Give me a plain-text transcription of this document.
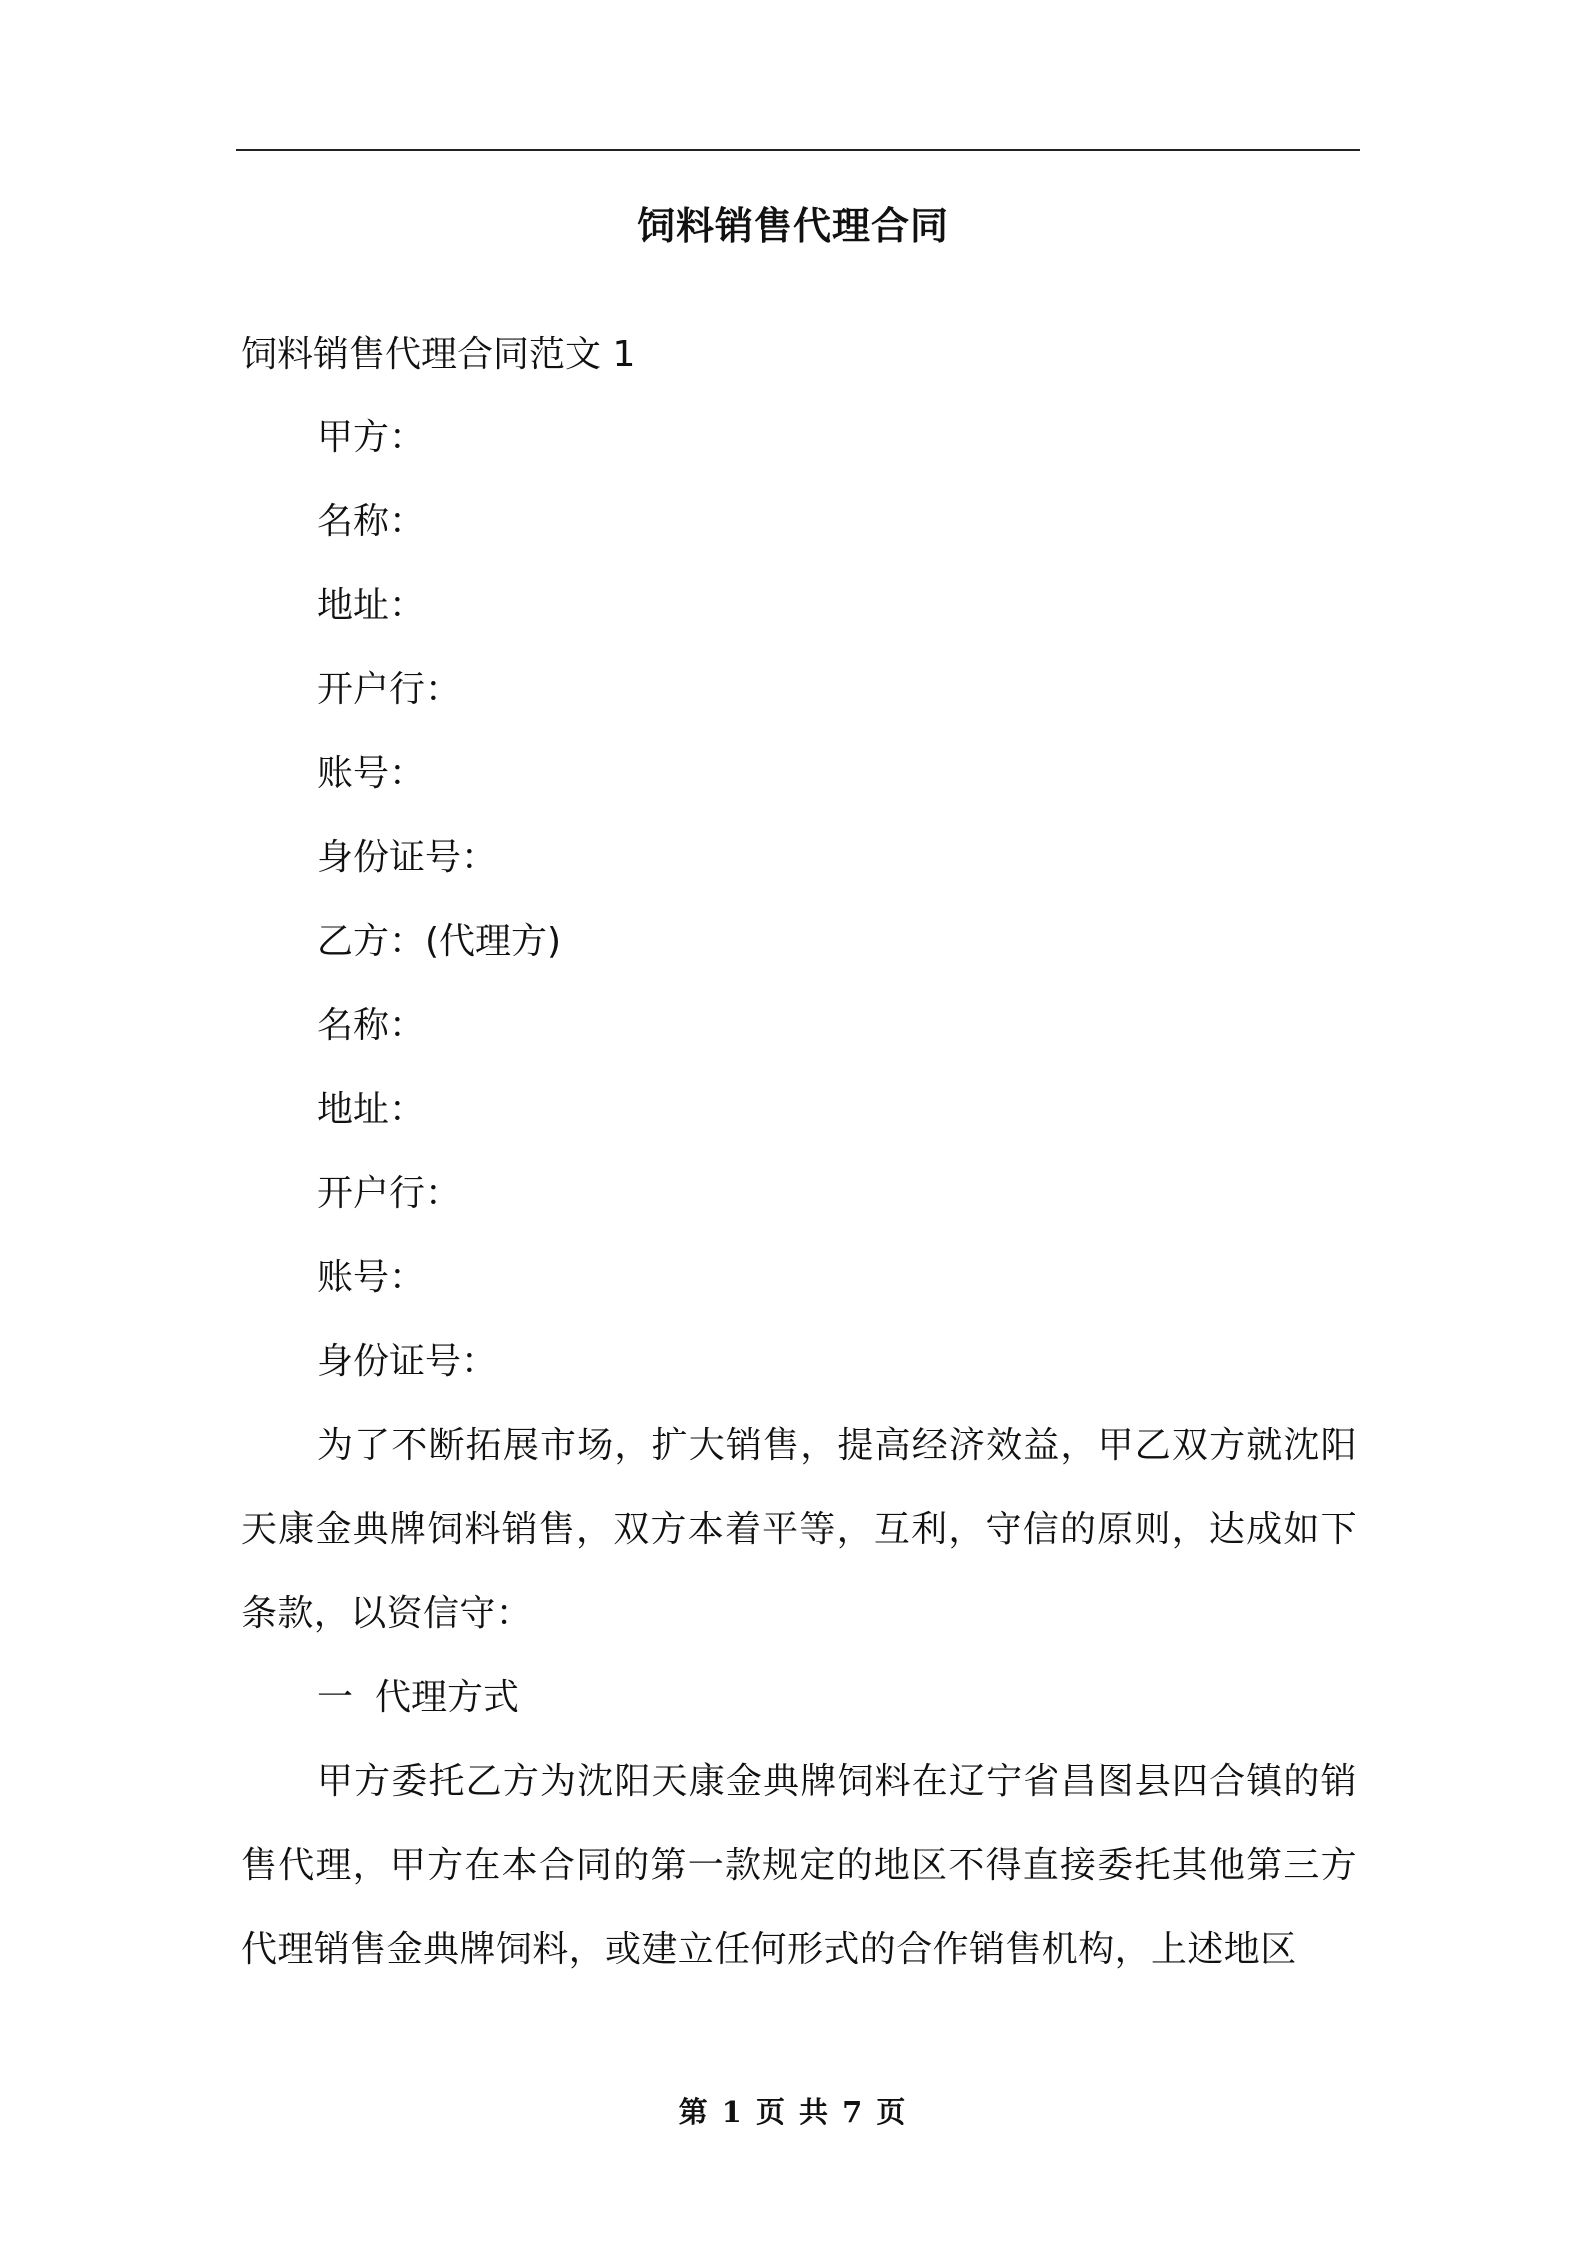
饲料销售代理合同

饲料销售代理合同范文 1

甲方：
名称：
地址：
开户行：
账号：
身份证号：
乙方：(代理方)
名称：
地址：
开户行：
账号：
身份证号：

为了不断拓展市场，扩大销售，提高经济效益，甲乙双方就沈阳天康金典牌饲料销售，双方本着平等，互利，守信的原则，达成如下条款，以资信守：

一 代理方式

甲方委托乙方为沈阳天康金典牌饲料在辽宁省昌图县四合镇的销售代理，甲方在本合同的第一款规定的地区不得直接委托其他第三方代理销售金典牌饲料，或建立任何形式的合作销售机构，上述地区

第 1 页 共 7 页
